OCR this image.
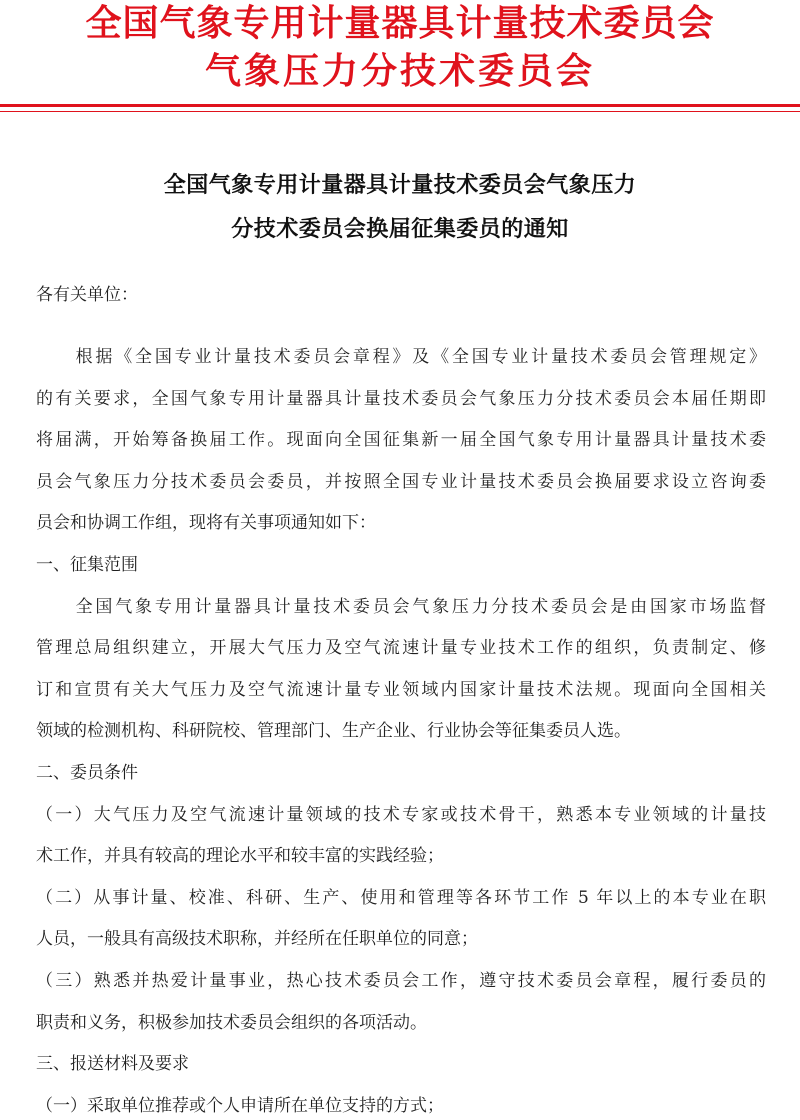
全国气象专用计量器具计量技术委员会
气象压力分技术委员会
全国气象专用计量器具计量技术委员会气象压力
分技术委员会换届征集委员的通知
各有关单位：
　　根据《全国专业计量技术委员会章程》及《全国专业计量技术委员会管理规定》
的有关要求，全国气象专用计量器具计量技术委员会气象压力分技术委员会本届任期即
将届满，开始筹备换届工作。现面向全国征集新一届全国气象专用计量器具计量技术委
员会气象压力分技术委员会委员，并按照全国专业计量技术委员会换届要求设立咨询委
员会和协调工作组，现将有关事项通知如下：
一、征集范围
　　全国气象专用计量器具计量技术委员会气象压力分技术委员会是由国家市场监督
管理总局组织建立，开展大气压力及空气流速计量专业技术工作的组织，负责制定、修
订和宣贯有关大气压力及空气流速计量专业领域内国家计量技术法规。现面向全国相关
领域的检测机构、科研院校、管理部门、生产企业、行业协会等征集委员人选。
二、委员条件
（一）大气压力及空气流速计量领域的技术专家或技术骨干，熟悉本专业领域的计量技
术工作，并具有较高的理论水平和较丰富的实践经验；
（二）从事计量、校准、科研、生产、使用和管理等各环节工作 5 年以上的本专业在职
人员，一般具有高级技术职称，并经所在任职单位的同意；
（三）熟悉并热爱计量事业，热心技术委员会工作，遵守技术委员会章程，履行委员的
职责和义务，积极参加技术委员会组织的各项活动。
三、报送材料及要求
（一）采取单位推荐或个人申请所在单位支持的方式；
